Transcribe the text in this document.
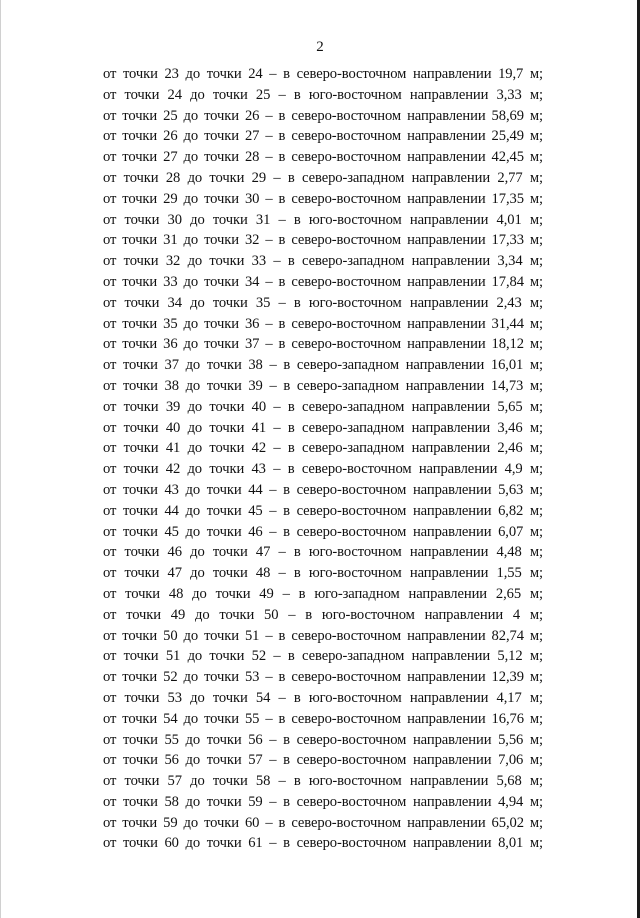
2
от точки 23 до точки 24 – в северо-восточном направлении 19,7 м;
от точки 24 до точки 25 – в юго-восточном направлении 3,33 м;
от точки 25 до точки 26 – в северо-восточном направлении 58,69 м;
от точки 26 до точки 27 – в северо-восточном направлении 25,49 м;
от точки 27 до точки 28 – в северо-восточном направлении 42,45 м;
от точки 28 до точки 29 – в северо-западном направлении 2,77 м;
от точки 29 до точки 30 – в северо-восточном направлении 17,35 м;
от точки 30 до точки 31 – в юго-восточном направлении 4,01 м;
от точки 31 до точки 32 – в северо-восточном направлении 17,33 м;
от точки 32 до точки 33 – в северо-западном направлении 3,34 м;
от точки 33 до точки 34 – в северо-восточном направлении 17,84 м;
от точки 34 до точки 35 – в юго-восточном направлении 2,43 м;
от точки 35 до точки 36 – в северо-восточном направлении 31,44 м;
от точки 36 до точки 37 – в северо-восточном направлении 18,12 м;
от точки 37 до точки 38 – в северо-западном направлении 16,01 м;
от точки 38 до точки 39 – в северо-западном направлении 14,73 м;
от точки 39 до точки 40 – в северо-западном направлении 5,65 м;
от точки 40 до точки 41 – в северо-западном направлении 3,46 м;
от точки 41 до точки 42 – в северо-западном направлении 2,46 м;
от точки 42 до точки 43 – в северо-восточном направлении 4,9 м;
от точки 43 до точки 44 – в северо-восточном направлении 5,63 м;
от точки 44 до точки 45 – в северо-восточном направлении 6,82 м;
от точки 45 до точки 46 – в северо-восточном направлении 6,07 м;
от точки 46 до точки 47 – в юго-восточном направлении 4,48 м;
от точки 47 до точки 48 – в юго-восточном направлении 1,55 м;
от точки 48 до точки 49 – в юго-западном направлении 2,65 м;
от точки 49 до точки 50 – в юго-восточном направлении 4 м;
от точки 50 до точки 51 – в северо-восточном направлении 82,74 м;
от точки 51 до точки 52 – в северо-западном направлении 5,12 м;
от точки 52 до точки 53 – в северо-восточном направлении 12,39 м;
от точки 53 до точки 54 – в юго-восточном направлении 4,17 м;
от точки 54 до точки 55 – в северо-восточном направлении 16,76 м;
от точки 55 до точки 56 – в северо-восточном направлении 5,56 м;
от точки 56 до точки 57 – в северо-восточном направлении 7,06 м;
от точки 57 до точки 58 – в юго-восточном направлении 5,68 м;
от точки 58 до точки 59 – в северо-восточном направлении 4,94 м;
от точки 59 до точки 60 – в северо-восточном направлении 65,02 м;
от точки 60 до точки 61 – в северо-восточном направлении 8,01 м;
